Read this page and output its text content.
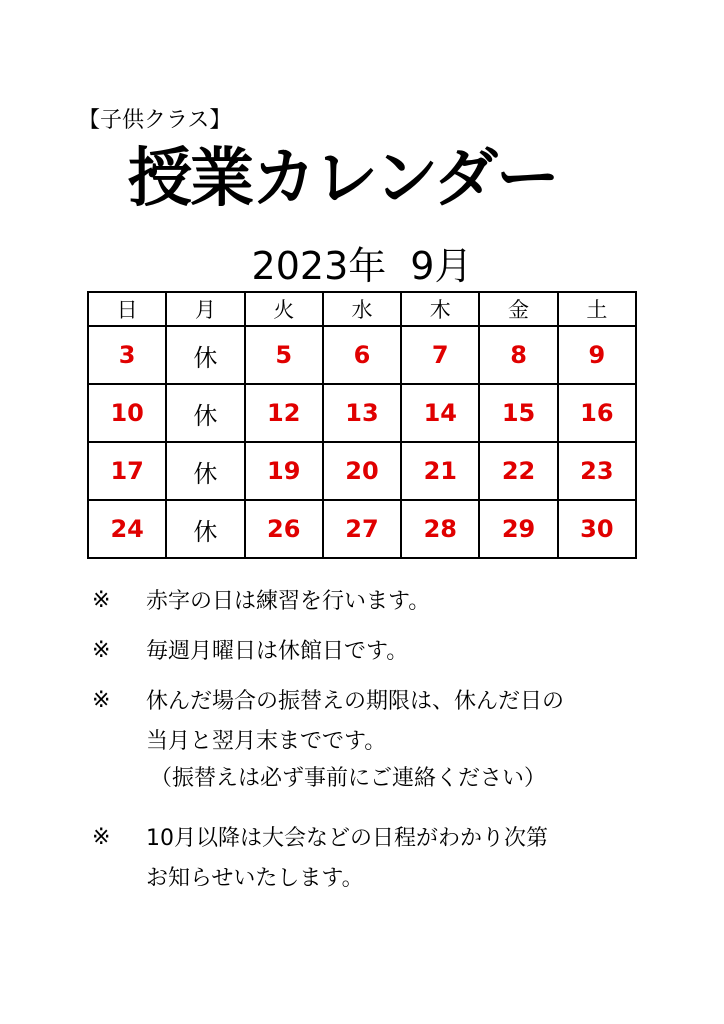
【子供クラス】
授業カレンダー
2023年 9月
日	月	火	水	木	金	土
3	休	5	6	7	8	9
10	休	12	13	14	15	16
17	休	19	20	21	22	23
24	休	26	27	28	29	30
※ 赤字の日は練習を行います。
※ 毎週月曜日は休館日です。
※ 休んだ場合の振替えの期限は、休んだ日の
当月と翌月末までです。
（振替えは必ず事前にご連絡ください）
※ 10月以降は大会などの日程がわかり次第
お知らせいたします。
